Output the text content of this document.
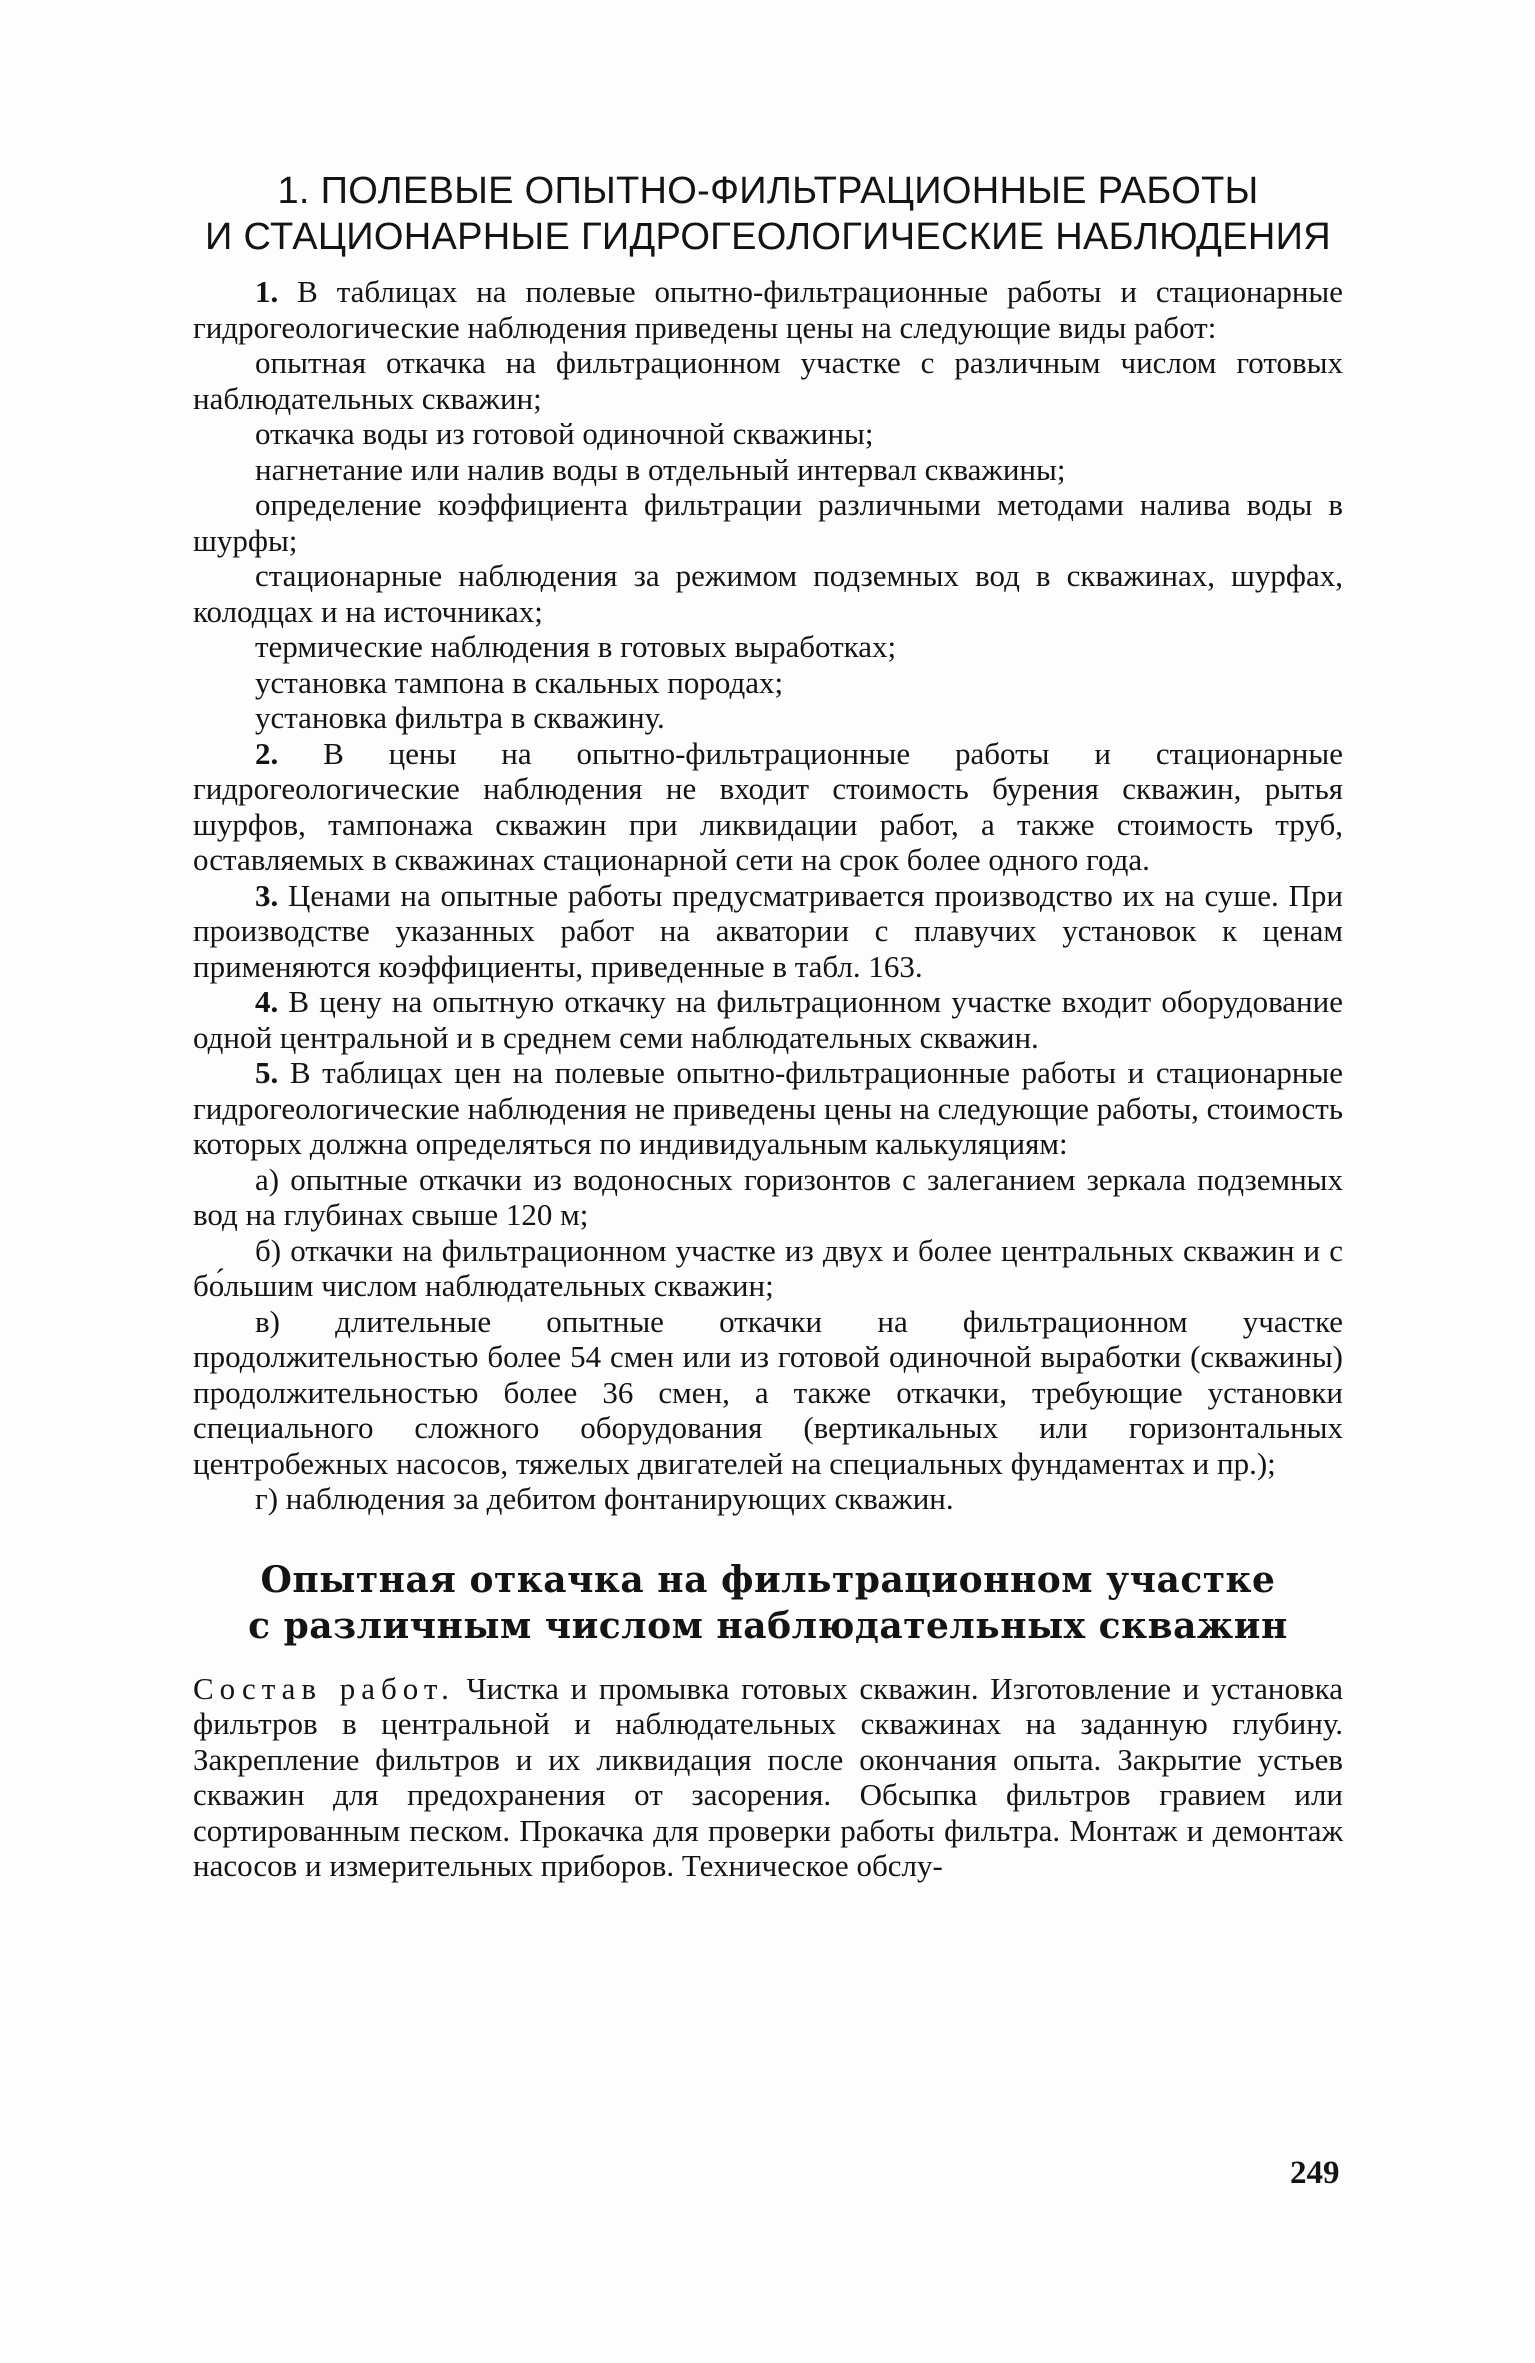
1. ПОЛЕВЫЕ ОПЫТНО-ФИЛЬТРАЦИОННЫЕ РАБОТЫ
И СТАЦИОНАРНЫЕ ГИДРОГЕОЛОГИЧЕСКИЕ НАБЛЮДЕНИЯ

1. В таблицах на полевые опытно-фильтрационные работы и стационарные гидрогеологические наблюдения приведены цены на следующие виды работ:

опытная откачка на фильтрационном участке с различным числом готовых наблюдательных скважин;

откачка воды из готовой одиночной скважины;

нагнетание или налив воды в отдельный интервал скважины;

определение коэффициента фильтрации различными методами налива воды в шурфы;

стационарные наблюдения за режимом подземных вод в скважинах, шурфах, колодцах и на источниках;

термические наблюдения в готовых выработках;

установка тампона в скальных породах;

установка фильтра в скважину.

2. В цены на опытно-фильтрационные работы и стационарные гидрогеологические наблюдения не входит стоимость бурения скважин, рытья шурфов, тампонажа скважин при ликвидации работ, а также стоимость труб, оставляемых в скважинах стационарной сети на срок более одного года.

3. Ценами на опытные работы предусматривается производство их на суше. При производстве указанных работ на акватории с плавучих установок к ценам применяются коэффициенты, приведенные в табл. 163.

4. В цену на опытную откачку на фильтрационном участке входит оборудование одной центральной и в среднем семи наблюдательных скважин.

5. В таблицах цен на полевые опытно-фильтрационные работы и стационарные гидрогеологические наблюдения не приведены цены на следующие работы, стоимость которых должна определяться по индивидуальным калькуляциям:

а) опытные откачки из водоносных горизонтов с залеганием зеркала подземных вод на глубинах свыше 120 м;

б) откачки на фильтрационном участке из двух и более центральных скважин и с бо́льшим числом наблюдательных скважин;

в) длительные опытные откачки на фильтрационном участке продолжительностью более 54 смен или из готовой одиночной выработки (скважины) продолжительностью более 36 смен, а также откачки, требующие установки специального сложного оборудования (вертикальных или горизонтальных центробежных насосов, тяжелых двигателей на специальных фундаментах и пр.);

г) наблюдения за дебитом фонтанирующих скважин.

Опытная откачка на фильтрационном участке
с различным числом наблюдательных скважин

Состав работ. Чистка и промывка готовых скважин. Изготовление и установка фильтров в центральной и наблюдательных скважинах на заданную глубину. Закрепление фильтров и их ликвидация после окончания опыта. Закрытие устьев скважин для предохранения от засорения. Обсыпка фильтров гравием или сортированным песком. Прокачка для проверки работы фильтра. Монтаж и демонтаж насосов и измерительных приборов. Техническое обслу-

249
